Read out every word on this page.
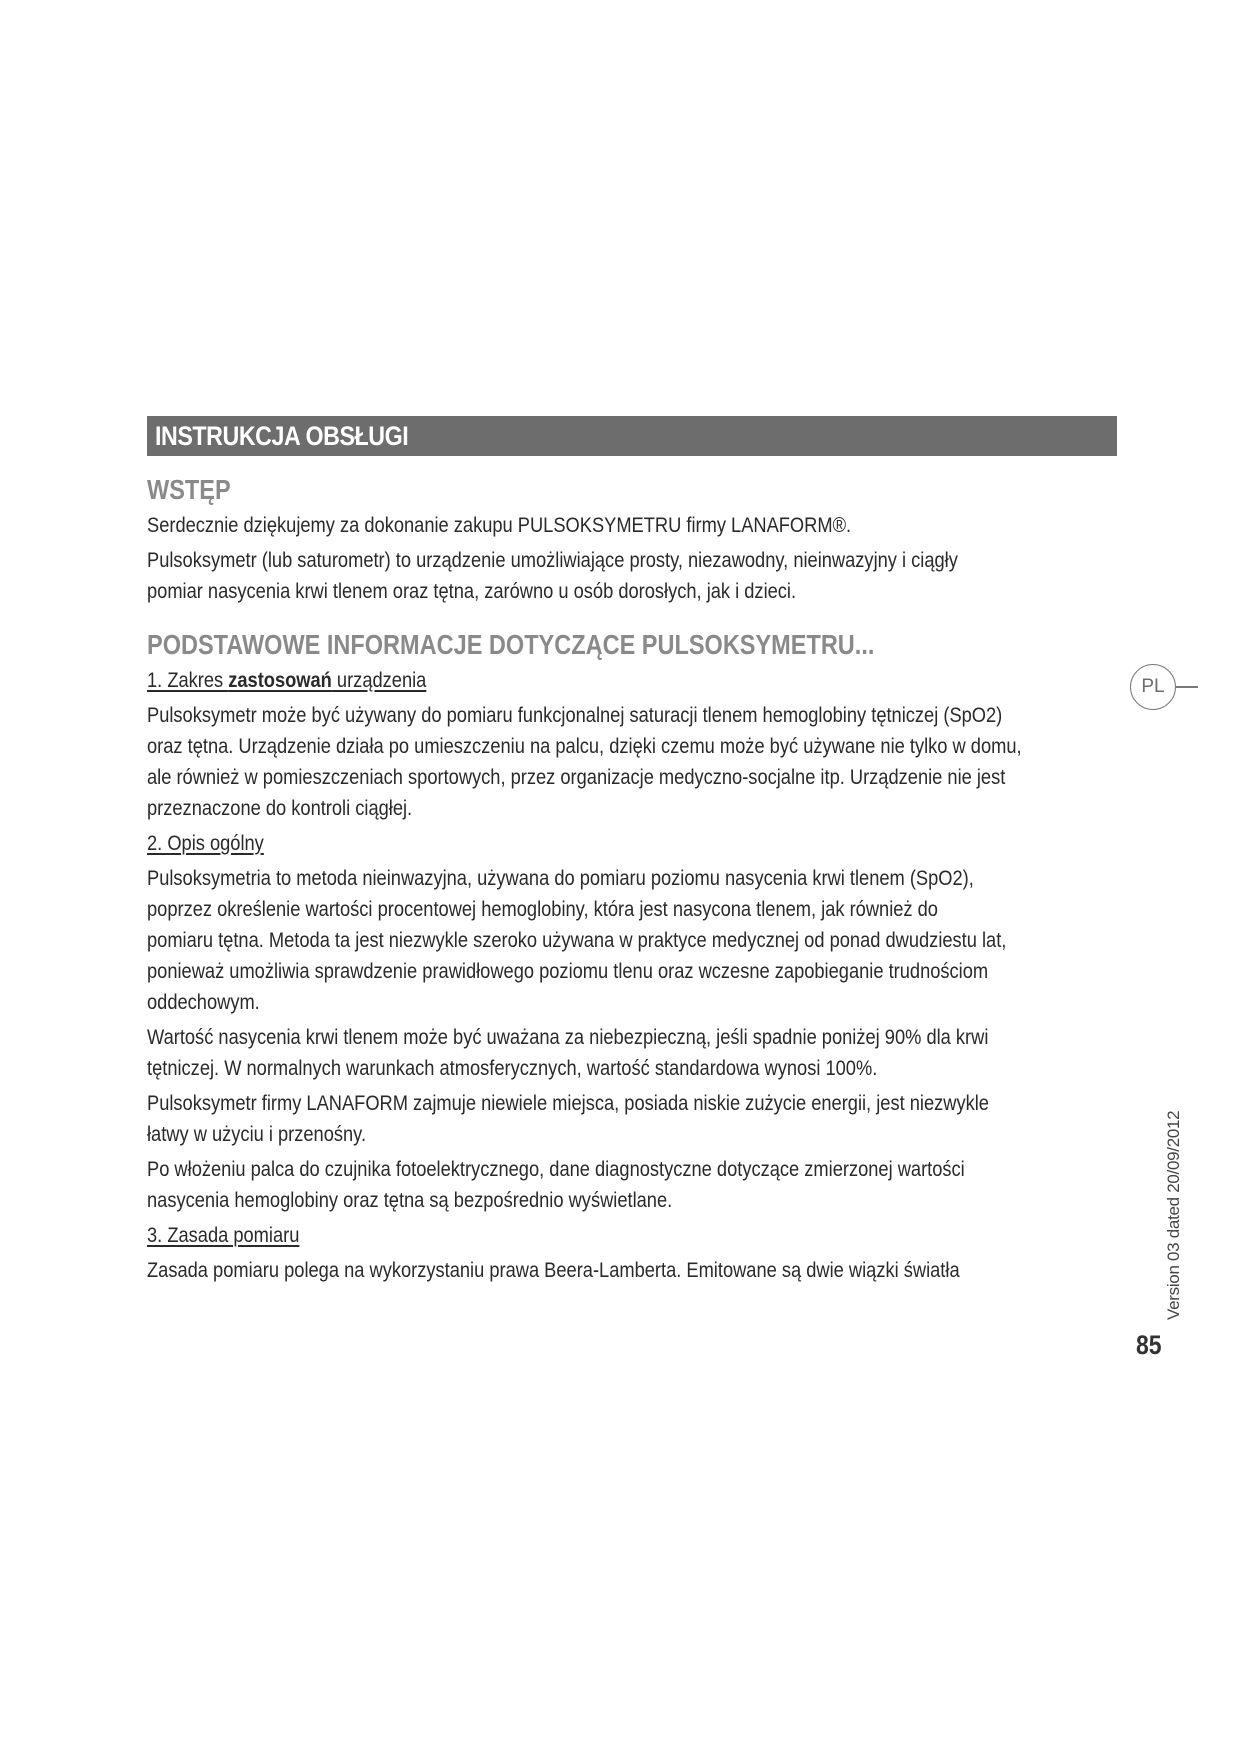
INSTRUKCJA OBSŁUGI
WSTĘP
Serdecznie dziękujemy za dokonanie zakupu PULSOKSYMETRU firmy LANAFORM®.
Pulsoksymetr (lub saturometr) to urządzenie umożliwiające prosty, niezawodny, nieinwazyjny i ciągły
pomiar nasycenia krwi tlenem oraz tętna, zarówno u osób dorosłych, jak i dzieci.
PODSTAWOWE INFORMACJE DOTYCZĄCE PULSOKSYMETRU...
1. Zakres zastosowań urządzenia
Pulsoksymetr może być używany do pomiaru funkcjonalnej saturacji tlenem hemoglobiny tętniczej (SpO2)
oraz tętna. Urządzenie działa po umieszczeniu na palcu, dzięki czemu może być używane nie tylko w domu,
ale również w pomieszczeniach sportowych, przez organizacje medyczno-socjalne itp. Urządzenie nie jest
przeznaczone do kontroli ciągłej.
2. Opis ogólny
Pulsoksymetria to metoda nieinwazyjna, używana do pomiaru poziomu nasycenia krwi tlenem (SpO2),
poprzez określenie wartości procentowej hemoglobiny, która jest nasycona tlenem, jak również do
pomiaru tętna. Metoda ta jest niezwykle szeroko używana w praktyce medycznej od ponad dwudziestu lat,
ponieważ umożliwia sprawdzenie prawidłowego poziomu tlenu oraz wczesne zapobieganie trudnościom
oddechowym.
Wartość nasycenia krwi tlenem może być uważana za niebezpieczną, jeśli spadnie poniżej 90% dla krwi
tętniczej. W normalnych warunkach atmosferycznych, wartość standardowa wynosi 100%.
Pulsoksymetr firmy LANAFORM zajmuje niewiele miejsca, posiada niskie zużycie energii, jest niezwykle
łatwy w użyciu i przenośny.
Po włożeniu palca do czujnika fotoelektrycznego, dane diagnostyczne dotyczące zmierzonej wartości
nasycenia hemoglobiny oraz tętna są bezpośrednio wyświetlane.
3. Zasada pomiaru
Zasada pomiaru polega na wykorzystaniu prawa Beera-Lamberta. Emitowane są dwie wiązki światła
PL
Version 03 dated 20/09/2012
85
